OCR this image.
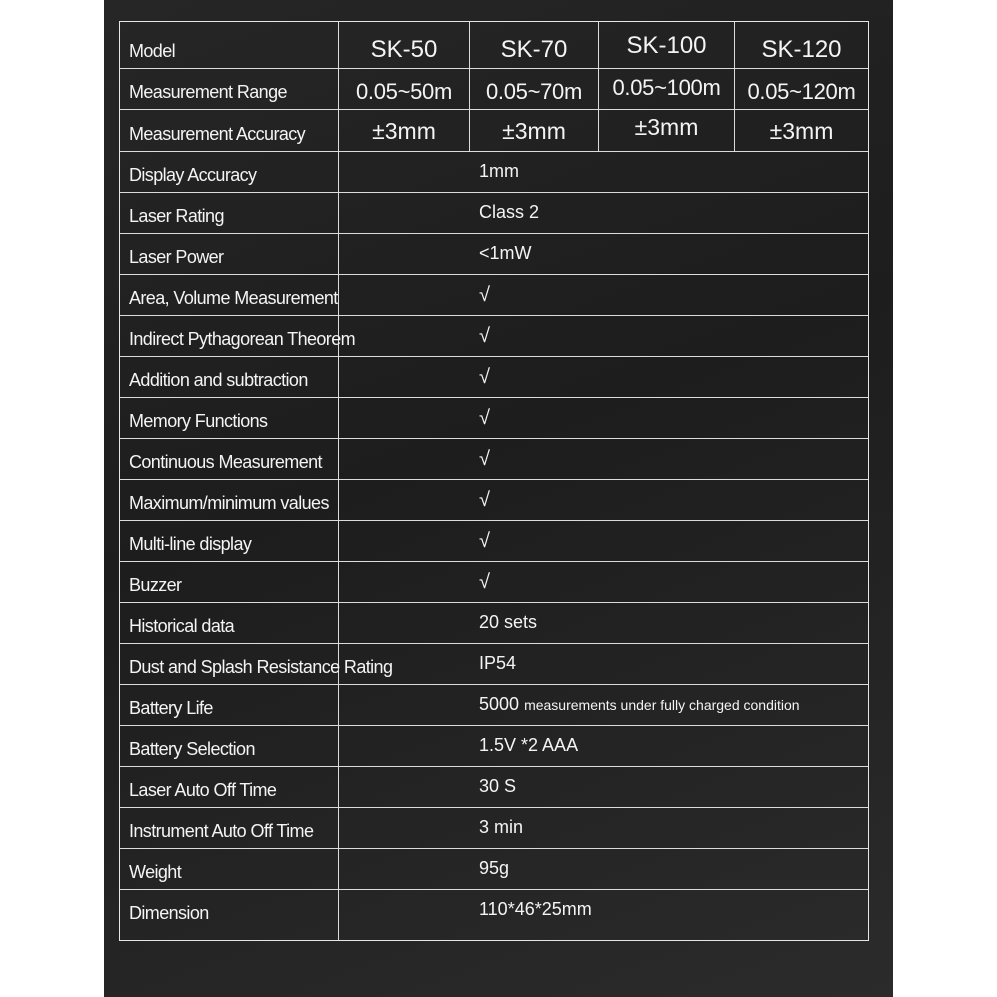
Model	SK-50	SK-70	SK-100	SK-120
Measurement Range	0.05~50m	0.05~70m	0.05~100m	0.05~120m
Measurement Accuracy	±3mm	±3mm	±3mm	±3mm
Display Accuracy	1mm
Laser Rating	Class 2
Laser Power	<1mW
Area, Volume Measurement	√
Indirect Pythagorean Theorem	√
Addition and subtraction	√
Memory Functions	√
Continuous Measurement	√
Maximum/minimum values	√
Multi-line display	√
Buzzer	√
Historical data	20 sets
Dust and Splash Resistance Rating	IP54
Battery Life	5000 measurements under fully charged condition
Battery Selection	1.5V *2 AAA
Laser Auto Off Time	30 S
Instrument Auto Off Time	3 min
Weight	95g
Dimension	110*46*25mm
